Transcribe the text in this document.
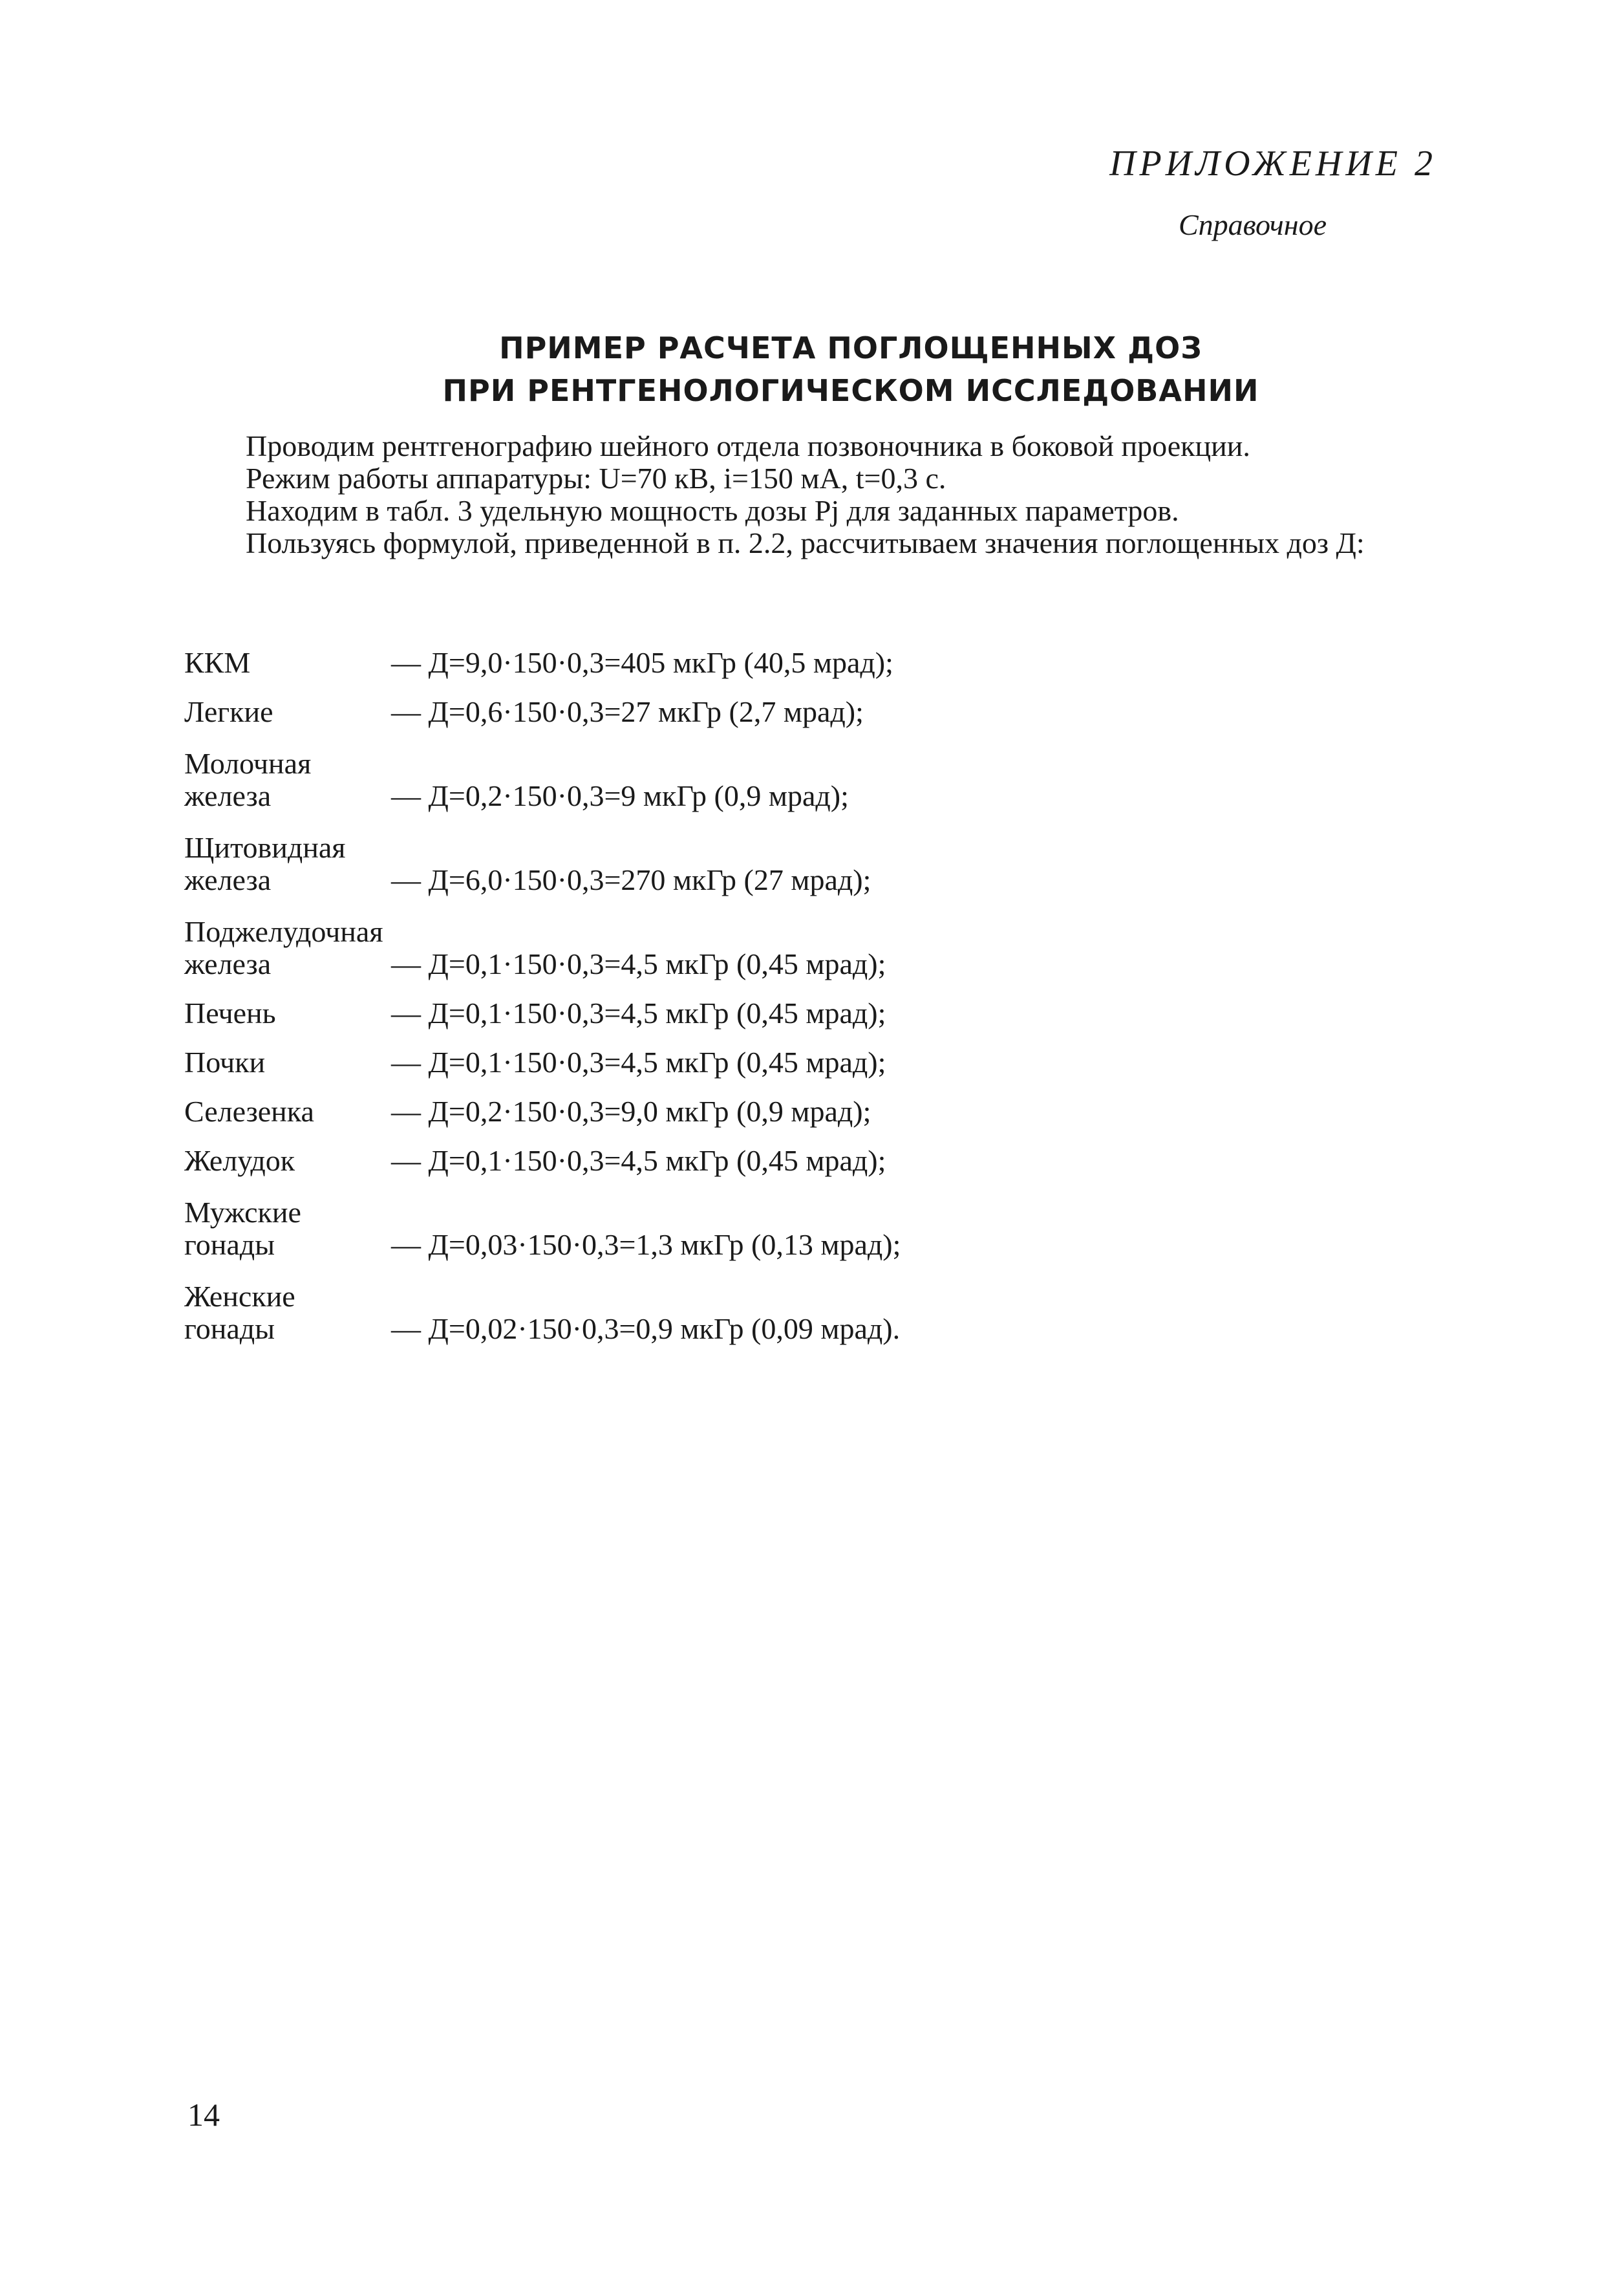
ПРИЛОЖЕНИЕ 2
Справочное
ПРИМЕР РАСЧЕТА ПОГЛОЩЕННЫХ ДОЗ
ПРИ РЕНТГЕНОЛОГИЧЕСКОМ ИССЛЕДОВАНИИ

Проводим рентгенографию шейного отдела позвоночника в боковой проекции.

Режим работы аппаратуры: U=70 кВ, i=150 мА, t=0,3 с.

Находим в табл. 3 удельную мощность дозы Pj для заданных параметров.

Пользуясь формулой, приведенной в п. 2.2, рассчитываем значения поглощенных доз Д:

ККМ	— Д=9,0·150·0,3=405 мкГр (40,5 мрад);
Легкие	— Д=0,6·150·0,3=27 мкГр (2,7 мрад);
Молочная железа	— Д=0,2·150·0,3=9 мкГр (0,9 мрад);
Щитовидная железа	— Д=6,0·150·0,3=270 мкГр (27 мрад);
Поджелудочная железа	— Д=0,1·150·0,3=4,5 мкГр (0,45 мрад);
Печень	— Д=0,1·150·0,3=4,5 мкГр (0,45 мрад);
Почки	— Д=0,1·150·0,3=4,5 мкГр (0,45 мрад);
Селезенка	— Д=0,2·150·0,3=9,0 мкГр (0,9 мрад);
Желудок	— Д=0,1·150·0,3=4,5 мкГр (0,45 мрад);
Мужские гонады	— Д=0,03·150·0,3=1,3 мкГр (0,13 мрад);
Женские гонады	— Д=0,02·150·0,3=0,9 мкГр (0,09 мрад).
14
